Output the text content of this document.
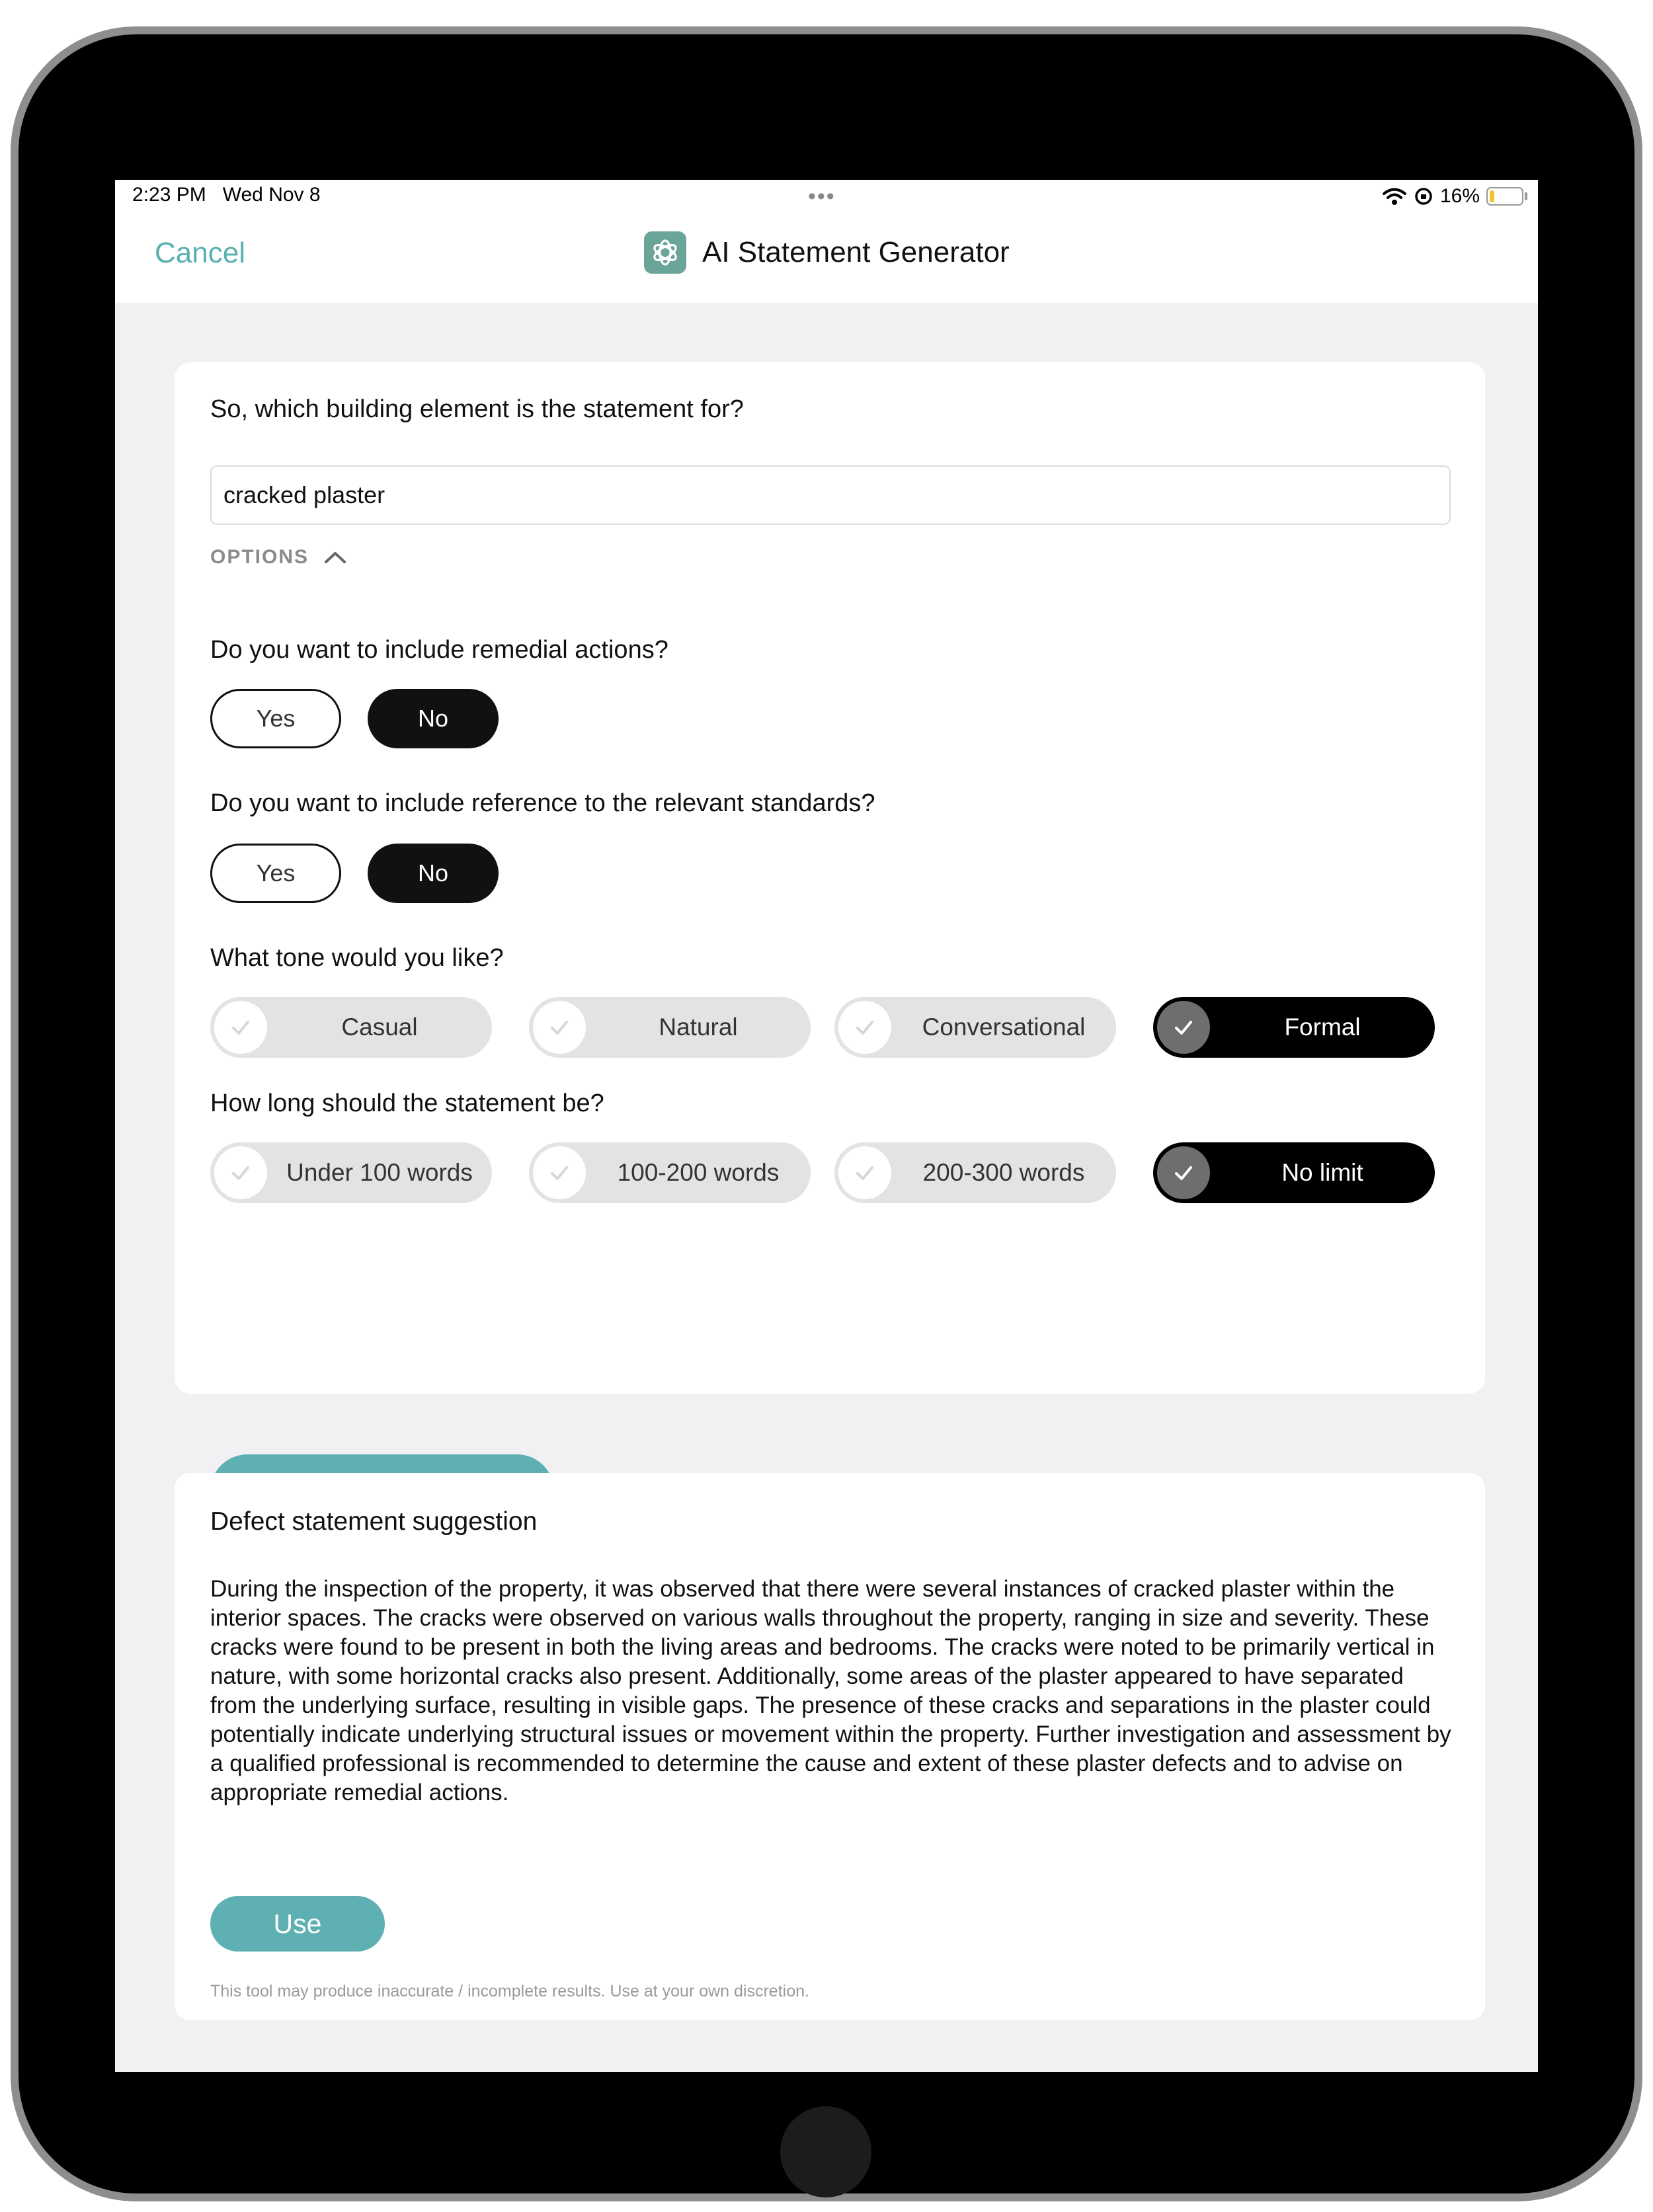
2:23 PM   Wed Nov 8	•••	16%
Cancel	AI Statement Generator
So, which building element is the statement for?
cracked plaster
OPTIONS
Do you want to include remedial actions?
Yes	No
Do you want to include reference to the relevant standards?
Yes	No
What tone would you like?
Casual	Natural	Conversational	Formal
How long should the statement be?
Under 100 words	100-200 words	200-300 words	No limit
Defect statement suggestion
During the inspection of the property, it was observed that there were several instances of cracked plaster within the interior spaces. The cracks were observed on various walls throughout the property, ranging in size and severity. These cracks were found to be present in both the living areas and bedrooms. The cracks were noted to be primarily vertical in nature, with some horizontal cracks also present. Additionally, some areas of the plaster appeared to have separated from the underlying surface, resulting in visible gaps. The presence of these cracks and separations in the plaster could potentially indicate underlying structural issues or movement within the property. Further investigation and assessment by a qualified professional is recommended to determine the cause and extent of these plaster defects and to advise on appropriate remedial actions.
Use
This tool may produce inaccurate / incomplete results. Use at your own discretion.
